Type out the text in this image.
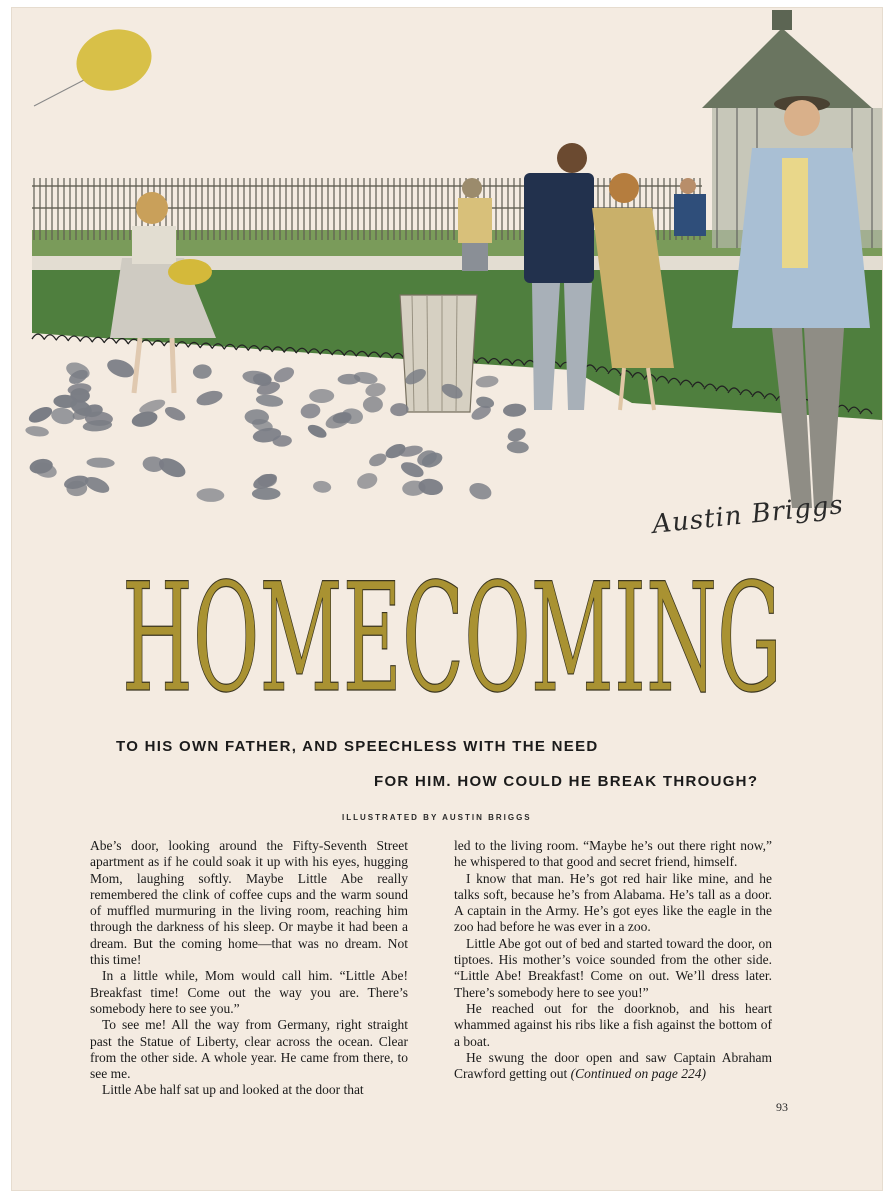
Austin Briggs
HOMECOMING
TO HIS OWN FATHER, AND SPEECHLESS WITH THE NEED
FOR HIM. HOW COULD HE BREAK THROUGH?
ILLUSTRATED BY AUSTIN BRIGGS

Abe’s door, looking around the Fifty-Seventh Street apartment as if he could soak it up with his eyes, hugging Mom, laughing softly. Maybe Little Abe really remembered the clink of coffee cups and the warm sound of muffled murmuring in the living room, reaching him through the darkness of his sleep. Or maybe it had been a dream. But the coming home—that was no dream. Not this time!

In a little while, Mom would call him. “Little Abe! Breakfast time! Come out the way you are. There’s somebody here to see you.”

To see me! All the way from Germany, right straight past the Statue of Liberty, clear across the ocean. Clear from the other side. A whole year. He came from there, to see me.

Little Abe half sat up and looked at the door that

led to the living room. “Maybe he’s out there right now,” he whispered to that good and secret friend, himself.

I know that man. He’s got red hair like mine, and he talks soft, because he’s from Alabama. He’s tall as a door. A captain in the Army. He’s got eyes like the eagle in the zoo had before he was ever in a zoo.

Little Abe got out of bed and started toward the door, on tiptoes. His mother’s voice sounded from the other side. “Little Abe! Breakfast! Come on out. We’ll dress later. There’s somebody here to see you!”

He reached out for the doorknob, and his heart whammed against his ribs like a fish against the bottom of a boat.

He swung the door open and saw Captain Abraham Crawford getting out (Continued on page 224)

93
